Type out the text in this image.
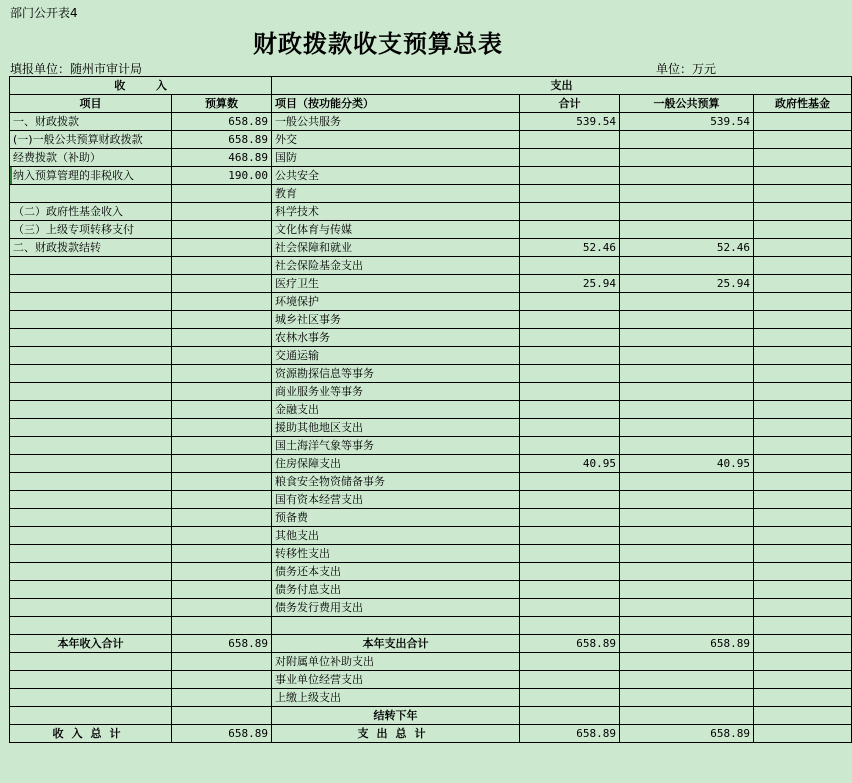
部门公开表4
财政拨款收支预算总表
填报单位：随州市审计局	单位：万元
收        入		支出			
项目	预算数	项目（按功能分类）	合计	一般公共预算	政府性基金
一、财政拨款	658.89	一般公共服务	539.54	539.54	
(一)一般公共预算财政拨款	658.89	外交			
经费拨款（补助）	468.89	国防			
纳入预算管理的非税收入	190.00	公共安全			
		教育			
（二）政府性基金收入		科学技术			
（三）上级专项转移支付		文化体育与传媒			
二、财政拨款结转		社会保障和就业	52.46	52.46	
		社会保险基金支出			
		医疗卫生	25.94	25.94	
		环境保护			
		城乡社区事务			
		农林水事务			
		交通运输			
		资源勘探信息等事务			
		商业服务业等事务			
		金融支出			
		援助其他地区支出			
		国土海洋气象等事务			
		住房保障支出	40.95	40.95	
		粮食安全物资储备事务			
		国有资本经营支出			
		预备费			
		其他支出			
		转移性支出			
		债务还本支出			
		债务付息支出			
		债务发行费用支出			

本年收入合计	658.89	本年支出合计	658.89	658.89	
		对附属单位补助支出			
		事业单位经营支出			
		上缴上级支出			
		结转下年			
收入总计	658.89	支出总计	658.89	658.89	
